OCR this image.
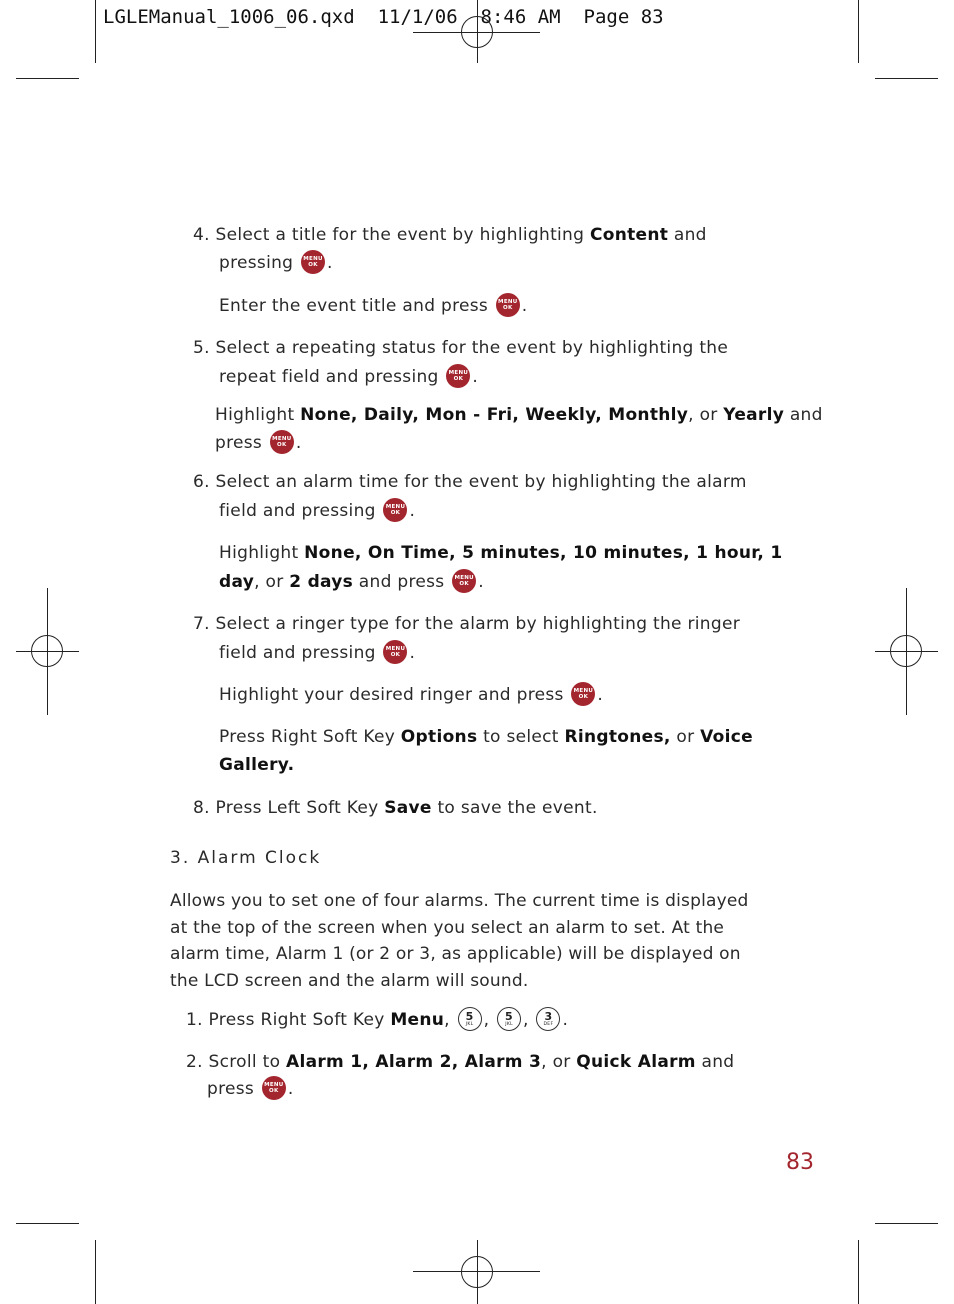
LGLEManual_1006_06.qxd 11/1/06 8:46 AM Page 83
4. Select a title for the event by highlighting Content and
pressing MENU
OK .
Enter the event title and press MENU
OK .
5. Select a repeating status for the event by highlighting the
repeat field and pressing MENU
OK .
Highlight None, Daily, Mon - Fri, Weekly, Monthly, or Yearly and
press MENU
OK .
6. Select an alarm time for the event by highlighting the alarm
field and pressing MENU
OK .
Highlight None, On Time, 5 minutes, 10 minutes, 1 hour, 1
day, or 2 days and press MENU
OK .
7. Select a ringer type for the alarm by highlighting the ringer
field and pressing MENU
OK .
Highlight your desired ringer and press MENU
OK .
Press Right Soft Key Options to select Ringtones, or Voice
Gallery.
8. Press Left Soft Key Save to save the event.
3. Alarm Clock
Allows you to set one of four alarms. The current time is displayed at the top of the screen when you select an alarm to set. At the alarm time, Alarm 1 (or 2 or 3, as applicable) will be displayed on the LCD screen and the alarm will sound.
1. Press Right Soft Key Menu,	5
JKL , 5
JKL , 3
DEF .
2. Scroll to Alarm 1, Alarm 2, Alarm 3, or Quick Alarm and
press MENU
OK .
83
